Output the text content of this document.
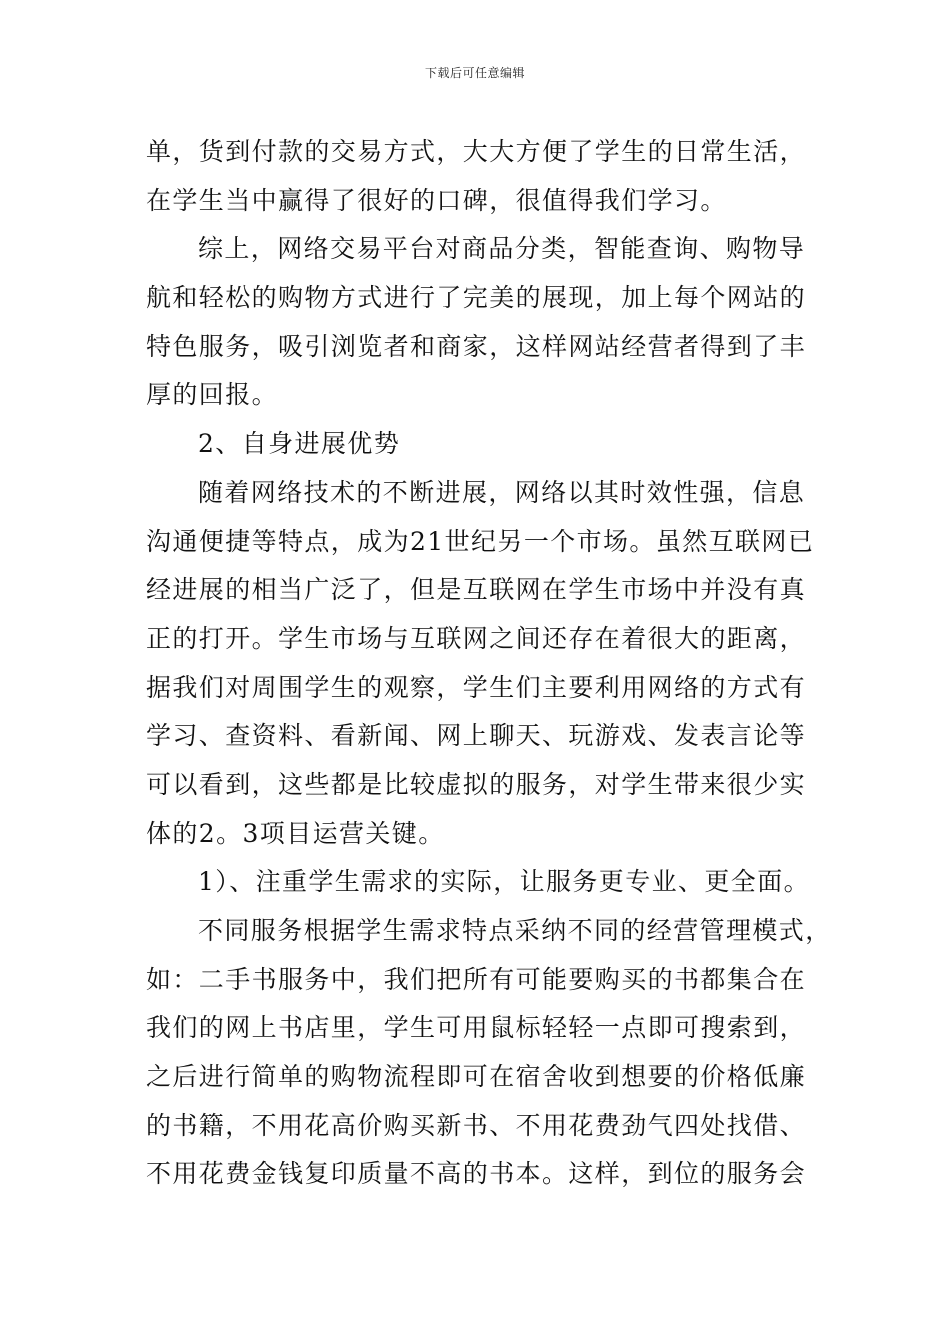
下载后可任意编辑
单，货到付款的交易方式，大大方便了学生的日常生活，
在学生当中赢得了很好的口碑，很值得我们学习。
综上，网络交易平台对商品分类，智能查询、购物导
航和轻松的购物方式进行了完美的展现，加上每个网站的
特色服务，吸引浏览者和商家，这样网站经营者得到了丰
厚的回报。
2、自身进展优势
随着网络技术的不断进展，网络以其时效性强，信息
沟通便捷等特点，成为21世纪另一个市场。虽然互联网已
经进展的相当广泛了，但是互联网在学生市场中并没有真
正的打开。学生市场与互联网之间还存在着很大的距离，
据我们对周围学生的观察，学生们主要利用网络的方式有
学习、查资料、看新闻、网上聊天、玩游戏、发表言论等
可以看到，这些都是比较虚拟的服务，对学生带来很少实
体的2。3项目运营关键。
1）、注重学生需求的实际，让服务更专业、更全面。
不同服务根据学生需求特点采纳不同的经营管理模式，
如：二手书服务中，我们把所有可能要购买的书都集合在
我们的网上书店里，学生可用鼠标轻轻一点即可搜索到，
之后进行简单的购物流程即可在宿舍收到想要的价格低廉
的书籍，不用花高价购买新书、不用花费劲气四处找借、
不用花费金钱复印质量不高的书本。这样，到位的服务会
